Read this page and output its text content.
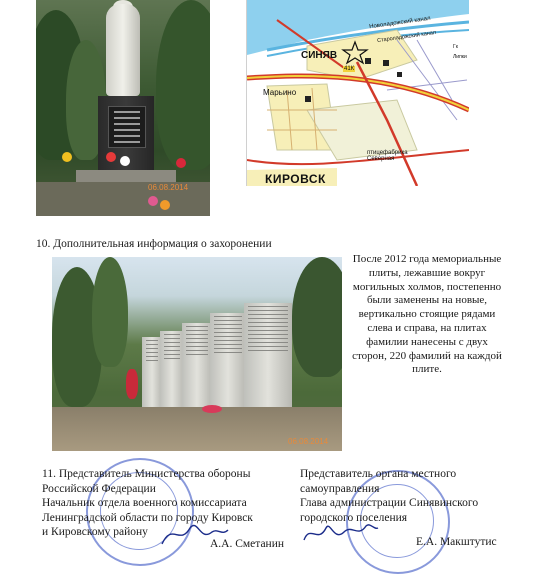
06.08.2014
Новоладожский канал
Староладожский канал
СИНЯВ
41К
Марьино
КИРОВСК
птицефабрика Северная
Липки
Гк
10. Дополнительная информация о захоронении
06.08.2014
После 2012 года мемориальные плиты, лежавшие вокруг могильных холмов, постепенно были заменены на новые, вертикально стоящие рядами слева и справа, на плитах фамилии нанесены с двух сторон, 220 фамилий на каждой плите.
11. Представитель Министерства обороны
Российской Федерации
Начальник отдела военного комиссариата
Ленинградской области по городу Кировск
и Кировскому району
А.А. Сметанин
Представитель органа местного
самоуправления
Глава администрации Синявинского
городского поселения
Е.А. Макштутис
